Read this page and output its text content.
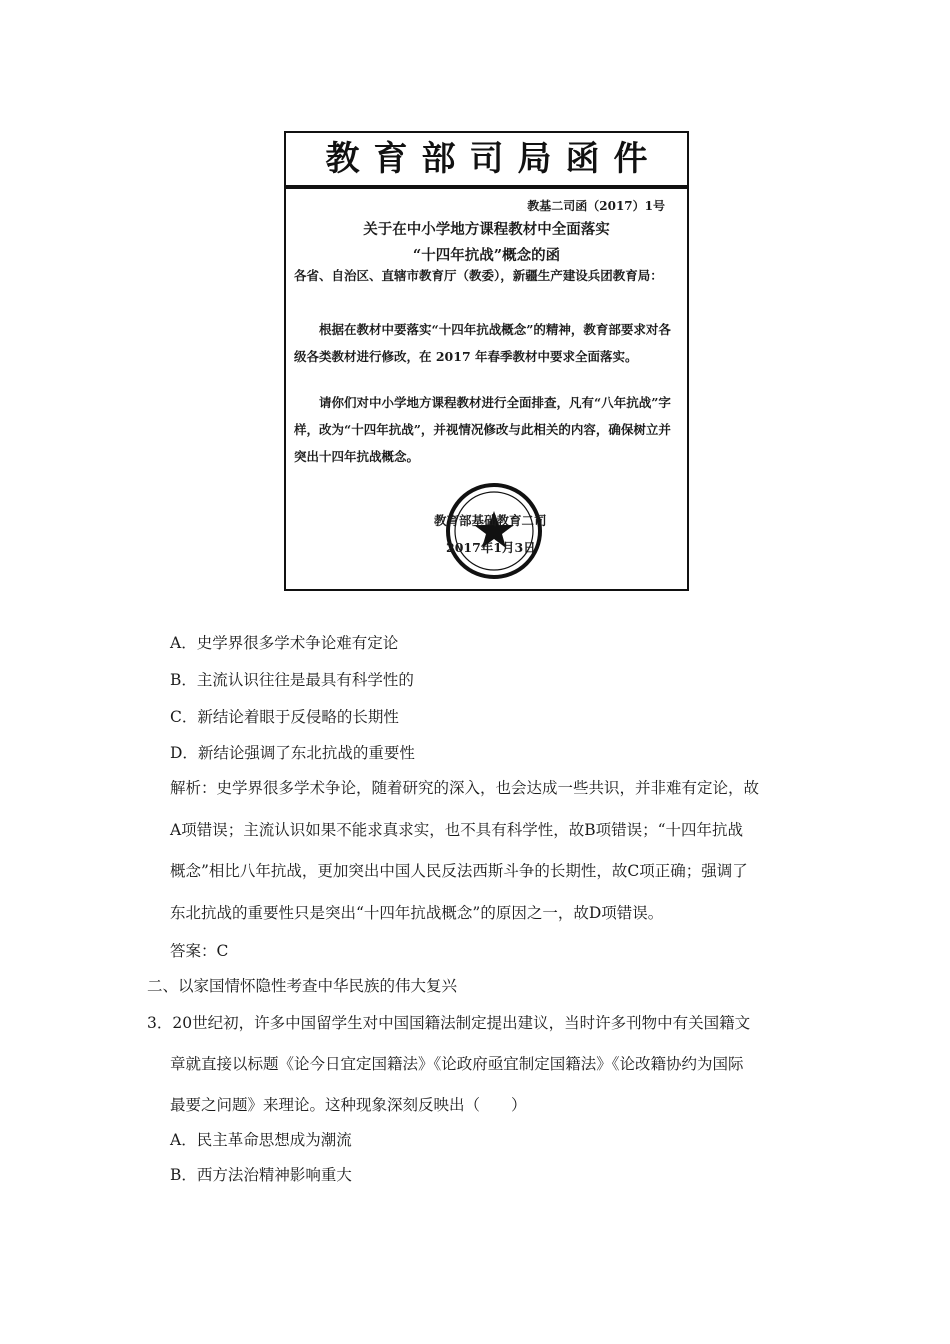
教育部司局函件
教基二司函（2017）1号
关于在中小学地方课程教材中全面落实
“十四年抗战”概念的函
各省、自治区、直辖市教育厅（教委），新疆生产建设兵团教育局：
根据在教材中要落实“十四年抗战概念”的精神，教育部要求对各级各类教材进行修改，在 2017 年春季教材中要求全面落实。
请你们对中小学地方课程教材进行全面排查，凡有“八年抗战”字样，改为“十四年抗战”，并视情况修改与此相关的内容，确保树立并突出十四年抗战概念。
教育部基础教育二司
2017年1月3日
A．史学界很多学术争论难有定论
B．主流认识往往是最具有科学性的
C．新结论着眼于反侵略的长期性
D．新结论强调了东北抗战的重要性
解析：史学界很多学术争论，随着研究的深入，也会达成一些共识，并非难有定论，故
A项错误；主流认识如果不能求真求实，也不具有科学性，故B项错误；“十四年抗战
概念”相比八年抗战，更加突出中国人民反法西斯斗争的长期性，故C项正确；强调了
东北抗战的重要性只是突出“十四年抗战概念”的原因之一，故D项错误。
答案：C
二、以家国情怀隐性考查中华民族的伟大复兴
3．20世纪初，许多中国留学生对中国国籍法制定提出建议，当时许多刊物中有关国籍文
章就直接以标题《论今日宜定国籍法》《论政府亟宜制定国籍法》《论改籍协约为国际
最要之问题》来理论。这种现象深刻反映出（　　）
A．民主革命思想成为潮流
B．西方法治精神影响重大
